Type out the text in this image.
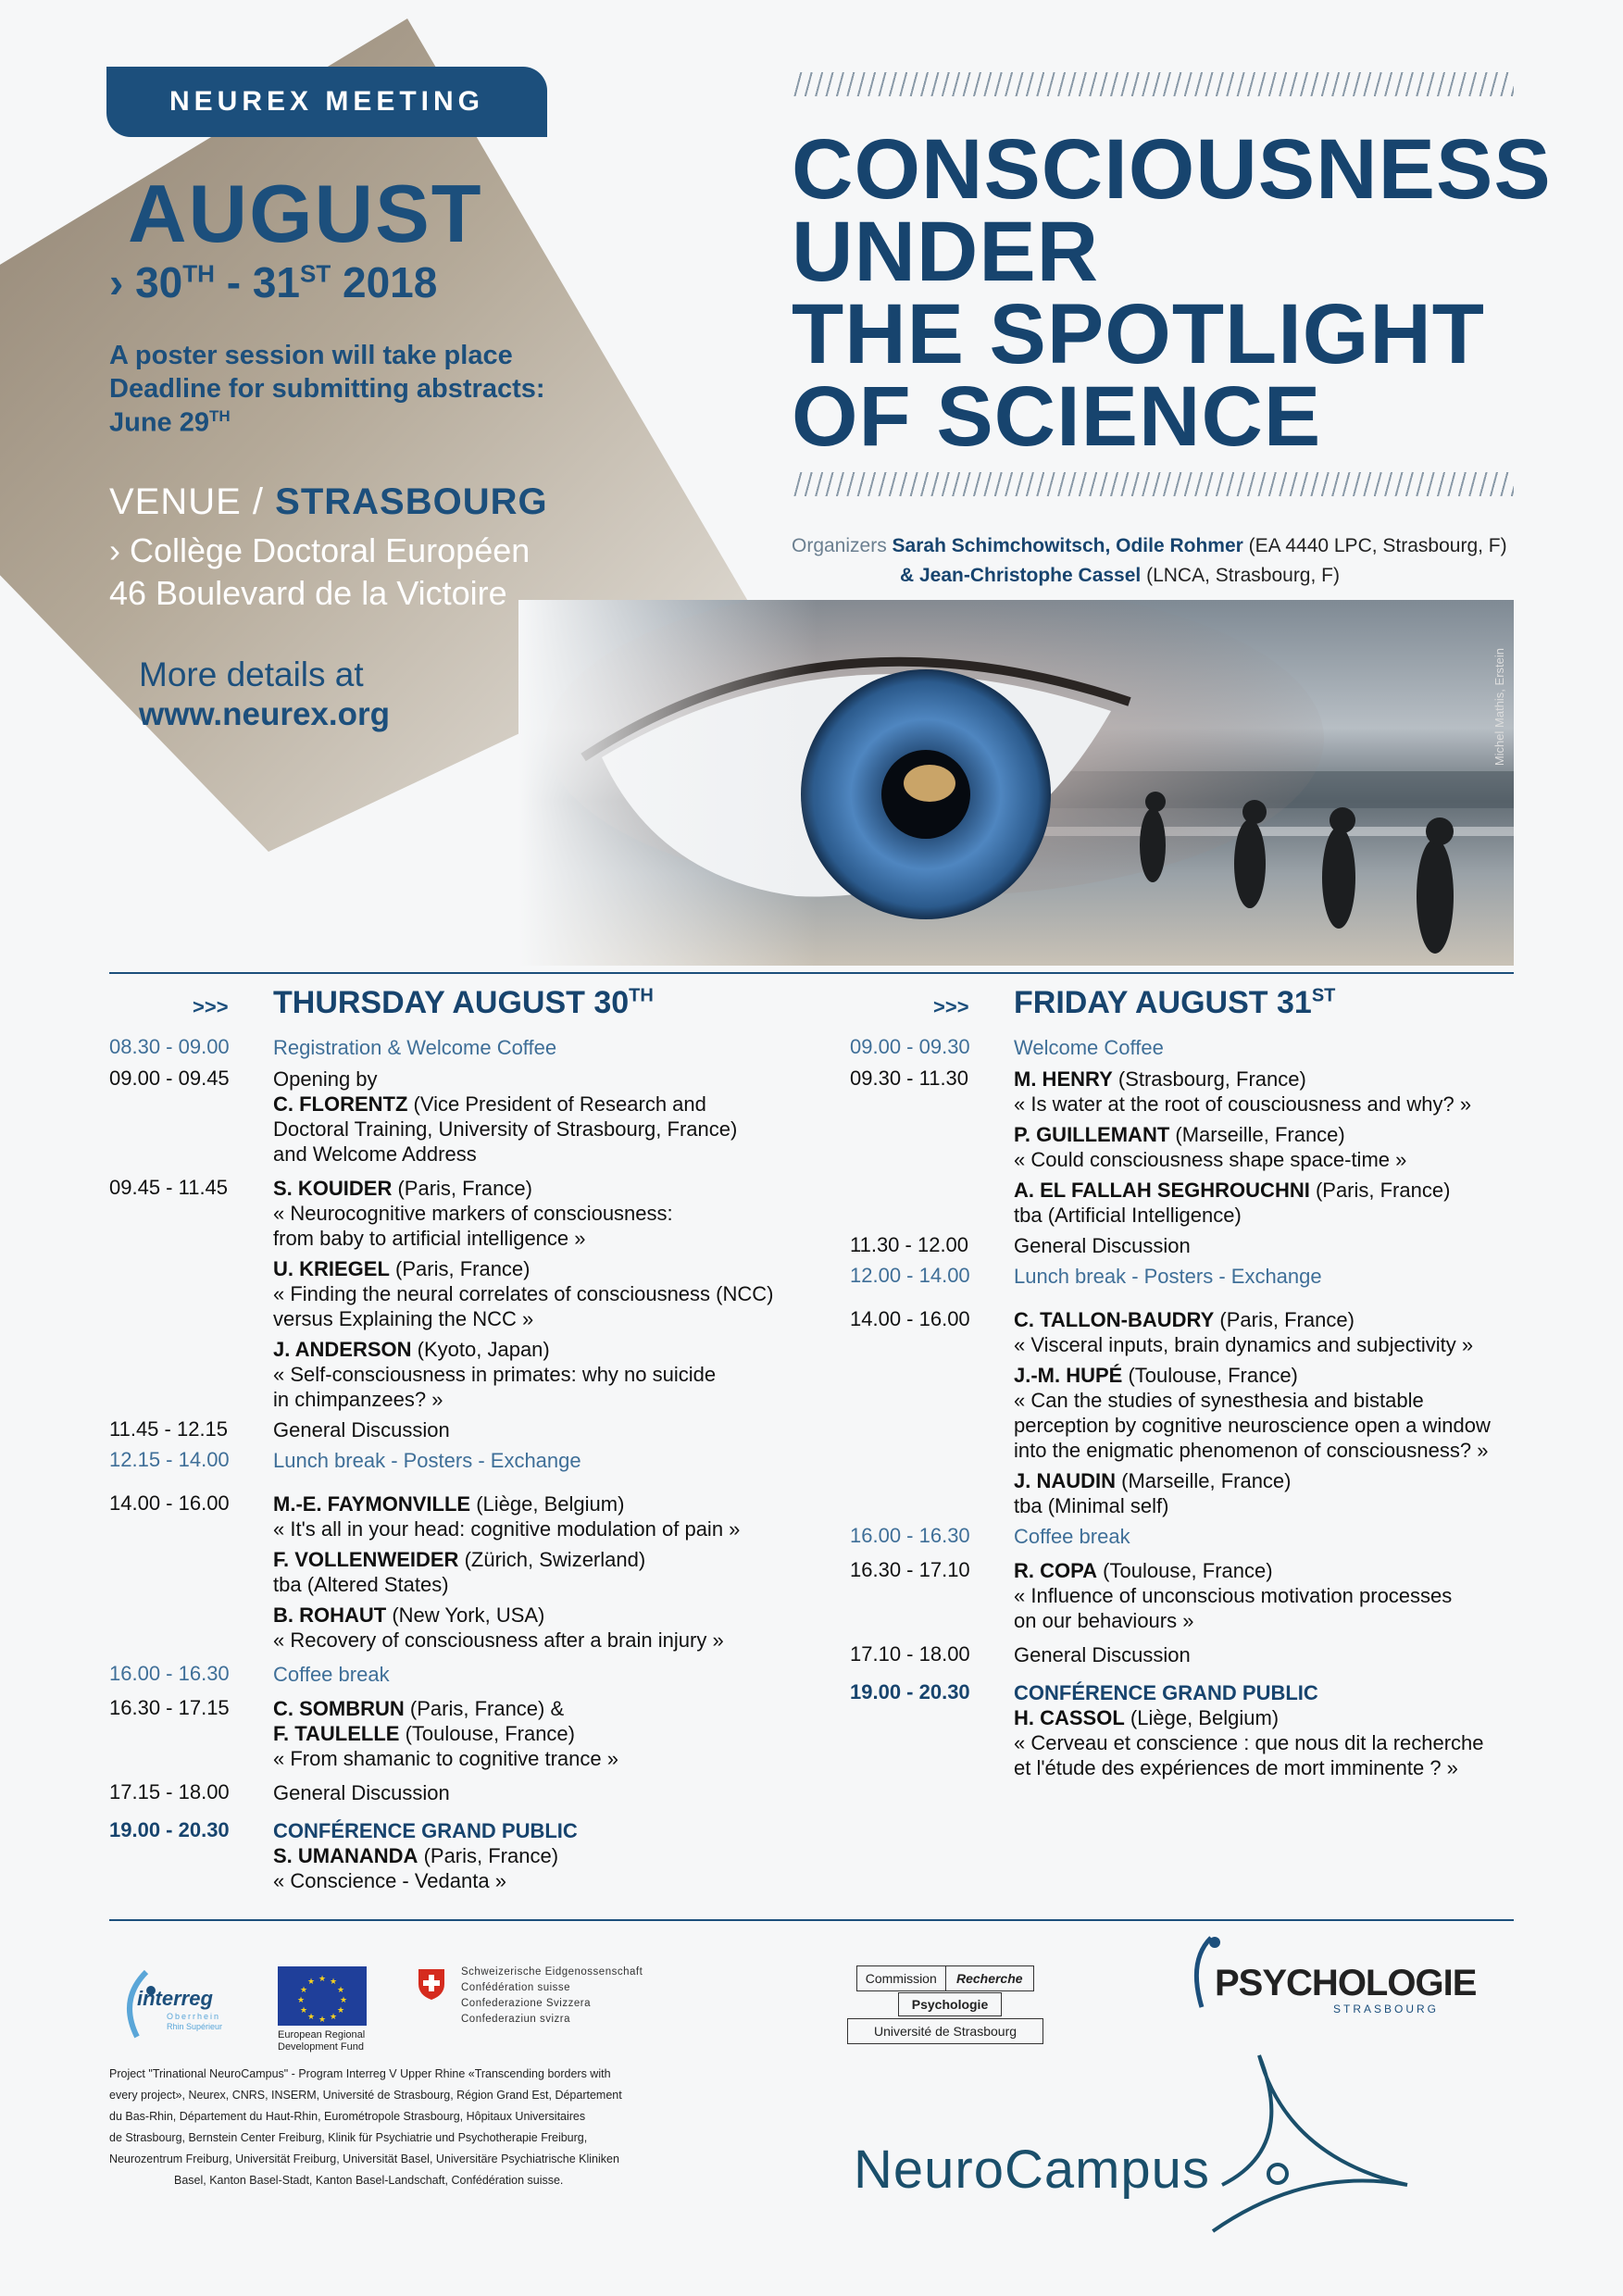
NEUREX MEETING
AUGUST
› 30TH - 31ST 2018
A poster session will take place
Deadline for submitting abstracts:
June 29TH
VENUE / STRASBOURG
› Collège Doctoral Européen
46 Boulevard de la Victoire
More details at
www.neurex.org
CONSCIOUSNESS
UNDER
THE SPOTLIGHT
OF SCIENCE
Organizers Sarah Schimchowitsch, Odile Rohmer (EA 4440 LPC, Strasbourg, F)
& Jean-Christophe Cassel (LNCA, Strasbourg, F)
Michel Mathis, Erstein
>>> THURSDAY AUGUST 30TH
08.30 - 09.00 Registration & Welcome Coffee
09.00 - 09.45 Opening by
C. FLORENTZ (Vice President of Research and
Doctoral Training, University of Strasbourg, France)
and Welcome Address
09.45 - 11.45 S. KOUIDER (Paris, France)
« Neurocognitive markers of consciousness:
from baby to artificial intelligence »
U. KRIEGEL (Paris, France)
« Finding the neural correlates of consciousness (NCC)
versus Explaining the NCC »
J. ANDERSON (Kyoto, Japan)
« Self-consciousness in primates: why no suicide
in chimpanzees? »
11.45 - 12.15 General Discussion
12.15 - 14.00 Lunch break - Posters - Exchange
14.00 - 16.00 M.-E. FAYMONVILLE (Liège, Belgium)
« It's all in your head: cognitive modulation of pain »
F. VOLLENWEIDER (Zürich, Swizerland)
tba (Altered States)
B. ROHAUT (New York, USA)
« Recovery of consciousness after a brain injury »
16.00 - 16.30 Coffee break
16.30 - 17.15 C. SOMBRUN (Paris, France) &
F. TAULELLE (Toulouse, France)
« From shamanic to cognitive trance »
17.15 - 18.00 General Discussion
19.00 - 20.30 CONFÉRENCE GRAND PUBLIC
S. UMANANDA (Paris, France)
« Conscience - Vedanta »
>>> FRIDAY AUGUST 31ST
09.00 - 09.30 Welcome Coffee
09.30 - 11.30 M. HENRY (Strasbourg, France)
« Is water at the root of cousciousness and why? »
P. GUILLEMANT (Marseille, France)
« Could consciousness shape space-time »
A. EL FALLAH SEGHROUCHNI (Paris, France)
tba (Artificial Intelligence)
11.30 - 12.00 General Discussion
12.00 - 14.00 Lunch break - Posters - Exchange
14.00 - 16.00 C. TALLON-BAUDRY (Paris, France)
« Visceral inputs, brain dynamics and subjectivity »
J.-M. HUPÉ (Toulouse, France)
« Can the studies of synesthesia and bistable
perception by cognitive neuroscience open a window
into the enigmatic phenomenon of consciousness? »
J. NAUDIN (Marseille, France)
tba (Minimal self)
16.00 - 16.30 Coffee break
16.30 - 17.10 R. COPA (Toulouse, France)
« Influence of unconscious motivation processes
on our behaviours »
17.10 - 18.00 General Discussion
19.00 - 20.30 CONFÉRENCE GRAND PUBLIC
H. CASSOL (Liège, Belgium)
« Cerveau et conscience : que nous dit la recherche
et l'étude des expériences de mort imminente ? »
interreg
Oberrhein
Rhin Supérieur
★ ★
★
★
★
★
★
★
★
★
★
★
European Regional
Development Fund
Schweizerische Eidgenossenschaft
Confédération suisse
Confederazione Svizzera
Confederaziun svizra
Commission	Recherche
Psychologie
Université de Strasbourg
PSYCHOLOGIE
STRASBOURG
Project "Trinational NeuroCampus" - Program Interreg V Upper Rhine «Transcending borders with
every project», Neurex, CNRS, INSERM, Université de Strasbourg, Région Grand Est, Département
du Bas-Rhin, Département du Haut-Rhin, Eurométropole Strasbourg, Hôpitaux Universitaires
de Strasbourg, Bernstein Center Freiburg, Klinik für Psychiatrie und Psychotherapie Freiburg,
Neurozentrum Freiburg, Universität Freiburg, Universität Basel, Universitäre Psychiatrische Kliniken
Basel, Kanton Basel-Stadt, Kanton Basel-Landschaft, Confédération suisse.	NeuroCampus
